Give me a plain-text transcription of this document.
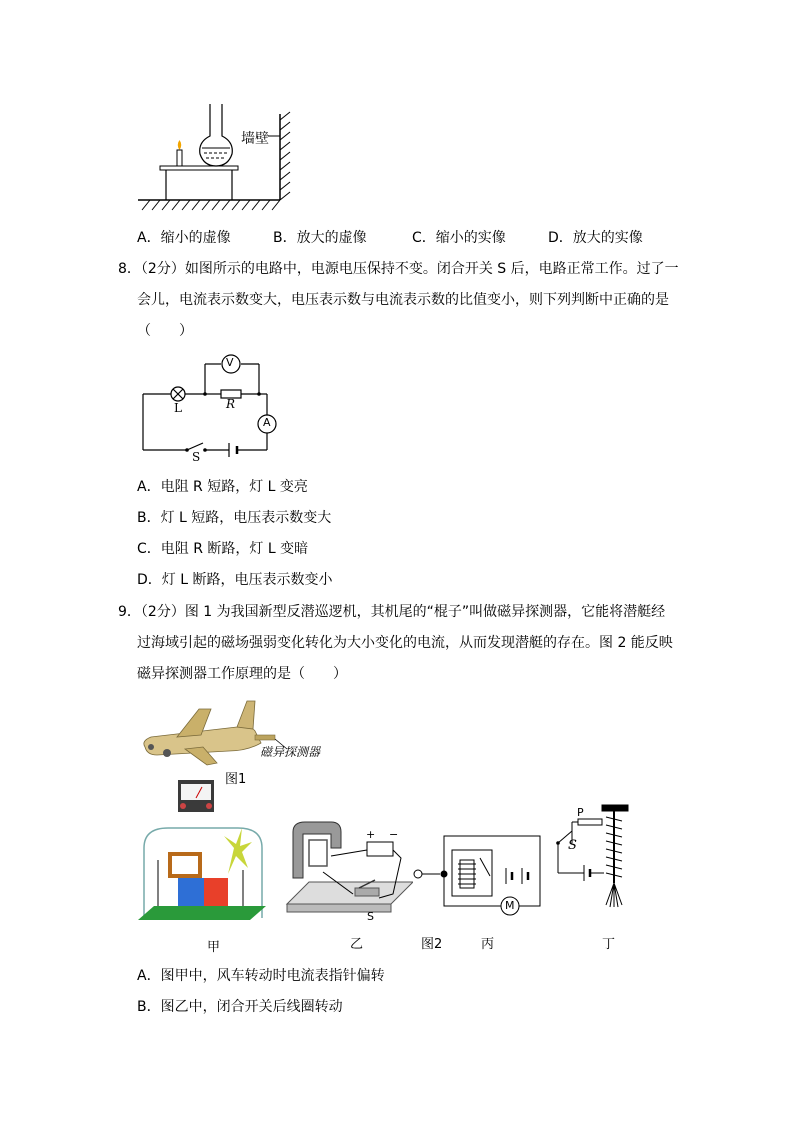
墙壁
A．缩小的虚像	B．放大的虚像	C．缩小的实像	D．放大的实像
8．（2分）如图所示的电路中，电源电压保持不变。闭合开关 S 后，电路正常工作。过了一
会儿，电流表示数变大，电压表示数与电流表示数的比值变小，则下列判断中正确的是
（　　）
V
A
L	R
S
A．电阻 R 短路，灯 L 变亮
B．灯 L 短路，电压表示数变大
C．电阻 R 断路，灯 L 变暗
D．灯 L 断路，电压表示数变小
9．（2分）图 1 为我国新型反潜巡逻机，其机尾的“棍子”叫做磁异探测器，它能将潜艇经
过海域引起的磁场强弱变化转化为大小变化的电流，从而发现潜艇的存在。图 2 能反映
磁异探测器工作原理的是（　　）
磁异探测器
图1
甲
+ −
S
乙	图2
M
丙
P
S
丁
A．图甲中，风车转动时电流表指针偏转
B．图乙中，闭合开关后线圈转动
